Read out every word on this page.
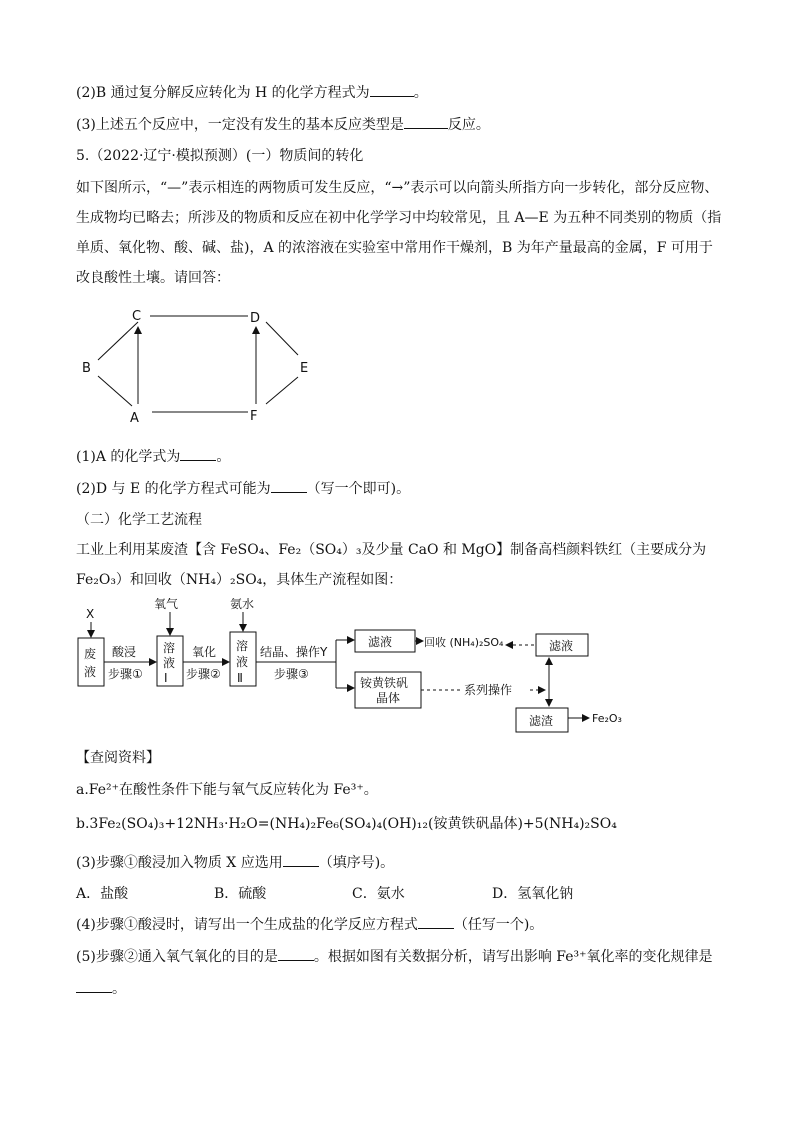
(2)B 通过复分解反应转化为 H 的化学方程式为	。
(3)上述五个反应中，一定没有发生的基本反应类型是	反应。
5.（2022·辽宁·模拟预测）(一）物质间的转化
如下图所示，“—”表示相连的两物质可发生反应，“→”表示可以向箭头所指方向一步转化，部分反应物、
生成物均已略去；所涉及的物质和反应在初中化学学习中均较常见，且 A—E 为五种不同类别的物质（指
单质、氧化物、酸、碱、盐)，A 的浓溶液在实验室中常用作干燥剂，B 为年产量最高的金属，F 可用于
改良酸性土壤。请回答：
C	D
B	E
A	F
(1)A 的化学式为	。
(2)D 与 E 的化学方程式可能为	（写一个即可)。
（二）化学工艺流程
工业上利用某废渣【含 FeSO₄、Fe₂（SO₄）₃及少量 CaO 和 MgO】制备高档颜料铁红（主要成分为
Fe₂O₃）和回收（NH₄）₂SO₄，具体生产流程如图：
X
废
液
酸浸
步骤①
氧气
溶
液
Ⅰ
氧化
步骤②
氨水
溶
液
Ⅱ
结晶、操作Y
步骤③
滤液	回收 (NH₄)₂SO₄	滤液
铵黄铁矾
晶体
系列操作
滤渣	Fe₂O₃
【查阅资料】
a.Fe²⁺在酸性条件下能与氧气反应转化为 Fe³⁺。
b.3Fe₂(SO₄)₃+12NH₃·H₂O=(NH₄)₂Fe₆(SO₄)₄(OH)₁₂(铵黄铁矾晶体)+5(NH₄)₂SO₄
(3)步骤①酸浸加入物质 X 应选用	（填序号)。
A．盐酸	B．硫酸	C．氨水	D．氢氧化钠
(4)步骤①酸浸时，请写出一个生成盐的化学反应方程式	（任写一个)。
(5)步骤②通入氧气氧化的目的是	。根据如图有关数据分析，请写出影响 Fe³⁺氧化率的变化规律是
。
